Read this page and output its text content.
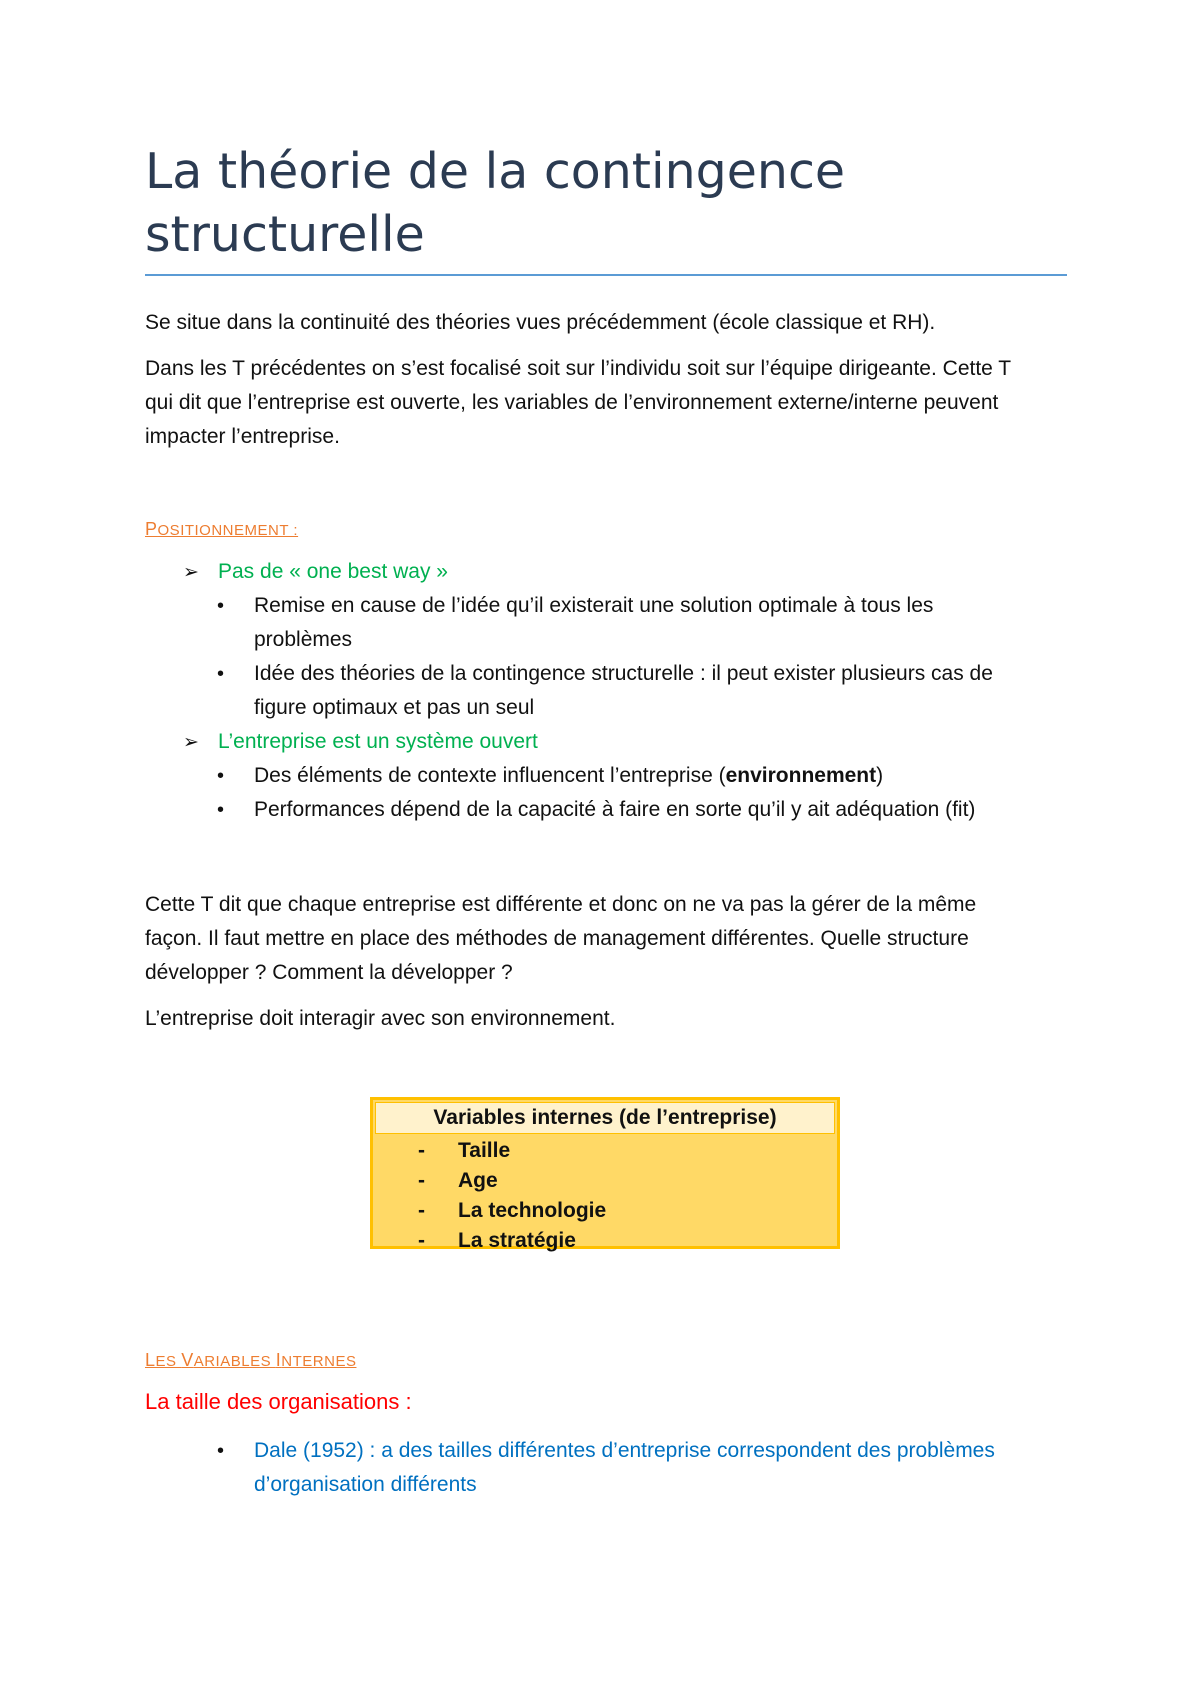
La théorie de la contingence
structurelle

Se situe dans la continuité des théories vues précédemment (école classique et RH).

Dans les T précédentes on s’est focalisé soit sur l’individu soit sur l’équipe dirigeante. Cette T
qui dit que l’entreprise est ouverte, les variables de l’environnement externe/interne peuvent
impacter l’entreprise.

POSITIONNEMENT :
➢ Pas de « one best way »
•	Remise en cause de l’idée qu’il existerait une solution optimale à tous les
problèmes
•	Idée des théories de la contingence structurelle : il peut exister plusieurs cas de
figure optimaux et pas un seul
➢ L’entreprise est un système ouvert
•	Des éléments de contexte influencent l’entreprise (environnement)
•	Performances dépend de la capacité à faire en sorte qu’il y ait adéquation (fit)

Cette T dit que chaque entreprise est différente et donc on ne va pas la gérer de la même
façon. Il faut mettre en place des méthodes de management différentes. Quelle structure
développer ? Comment la développer ?

L’entreprise doit interagir avec son environnement.

Variables internes (de l’entreprise)
- Taille
- Age
- La technologie
- La stratégie
LES VARIABLES INTERNES
La taille des organisations :
•	Dale (1952) : a des tailles différentes d’entreprise correspondent des problèmes
d’organisation différents
